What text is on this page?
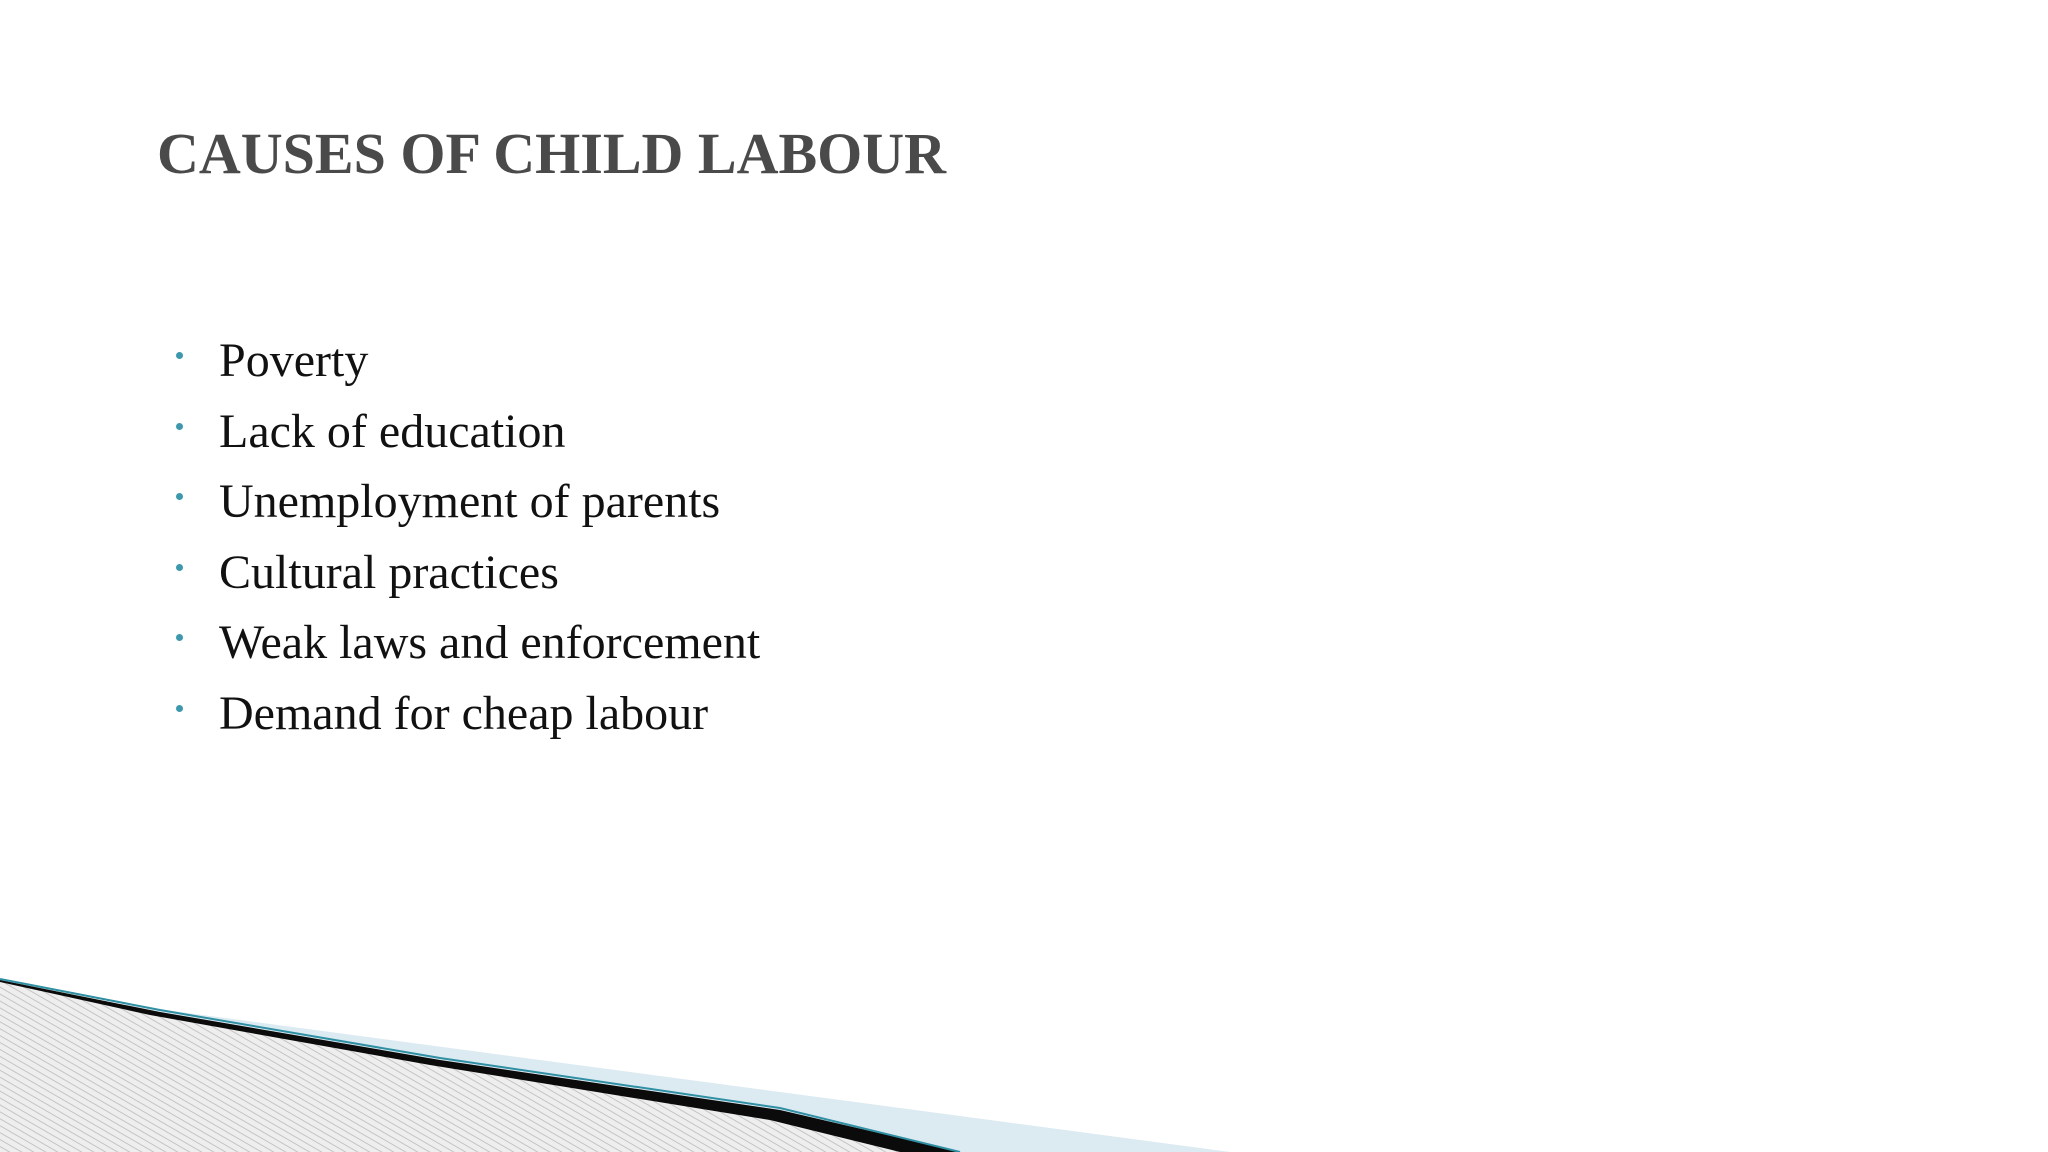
CAUSES OF CHILD LABOUR
Poverty
Lack of education
Unemployment of parents
Cultural practices
Weak laws and enforcement
Demand for cheap labour
